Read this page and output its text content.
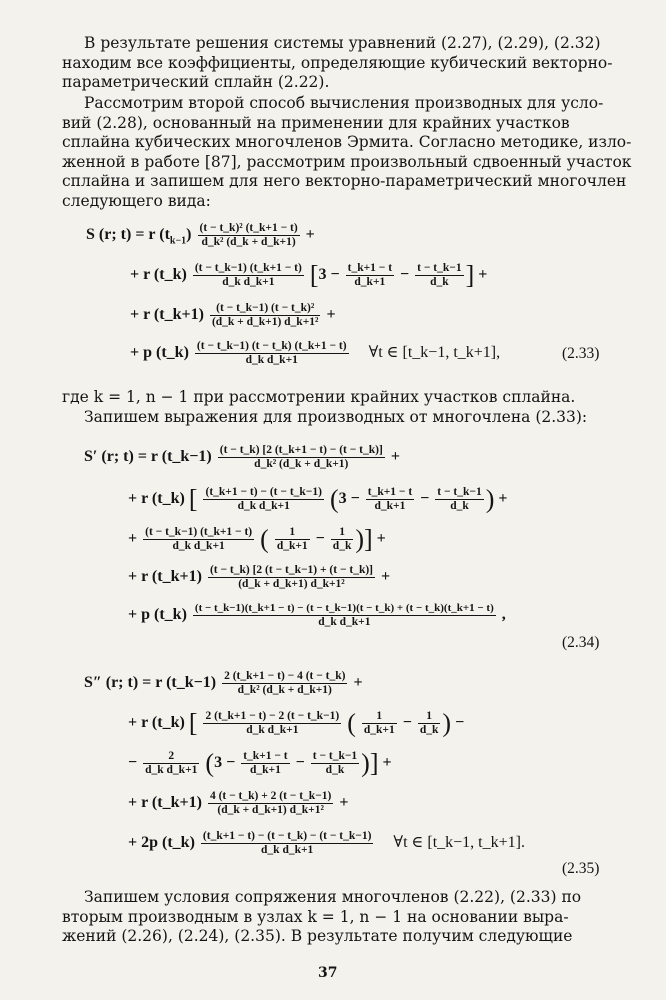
В результате решения системы уравнений (2.27), (2.29), (2.32)
находим все коэффициенты, определяющие кубический векторно-
параметрический сплайн (2.22).
Рассмотрим второй способ вычисления производных для усло-
вий (2.28), основанный на применении для крайних участков
сплайна кубических многочленов Эрмита. Согласно методике, изло-
женной в работе [87], рассмотрим произвольный сдвоенный участок
сплайна и запишем для него векторно-параметрический многочлен
следующего вида:
S (r; t) = r $(t_{k-1}) \frac{\text{(t − t\_k)² (t\_k+1 − t)}}{\text{d\_k² (d\_k + d\_k+1)}}$ +
+ r (t_k) $\frac{(t - t\_k-1) (t\_k+1 - t)}{\text{d\_k d\_k+1}} [3 - \frac{t\_k+1 - t}{d\_k+1} - \frac{t - t\_k-1}{d\_k}$ ] +
+ r (t_k+1) $\frac{\text{(t − t\_k−1) (t − t\_k)²}}{\text{(d\_k + d\_k+1) d\_k+1²}}$ +
+ p (t_k) $\frac{(t - t\_k-1) (t - t\_k) (t\_k+1 - t)}{\text{d\_k d\_k+1}}$ ∀t ∈ [t_k−1, t_k+1],	(2.33)
где k = 1, n − 1 при рассмотрении крайних участков сплайна.
Запишем выражения для производных от многочлена (2.33):
S′ (r; t) = r (t_k−1) $\frac{(t - t\_k) [2 (t\_k+1 - t) - (t - t\_k)]}{\text{d\_k² (d\_k + d\_k+1)}}$ +
+ r (t_k) [ $\frac{(t\_k+1 - t) - (t - t\_k-1)}{\text{d\_k d\_k+1}} (3 - \frac{t\_k+1 - t}{d\_k+1} - \frac{t - t\_k-1}{d\_k}$ ) +
+ $\frac{(t - t\_k-1) (t\_k+1 - t)}{\text{d\_k d\_k+1}}$ ( $\frac{1}{d\_k+1} - \frac{1}{d\_k}$ )] +
+ r (t_k+1) $\frac{(t - t\_k) [2 (t - t\_k-1) + (t - t\_k)]}{\text{(d\_k + d\_k+1) d\_k+1²}}$ +
+ p (t_k) (t − t_k−1)(t_k+1 − t) − (t − t_k−1)(t − t_k) + (t − t_k)(t_k+1 − t)
d_k d_k+1	,
(2.34)
S″ (r; t) = r (t_k−1) $\frac{2 (t\_k+1 - t) - 4 (t - t\_k)}{\text{d\_k² (d\_k + d\_k+1)}}$ +
+ r (t_k) [ $\frac{2 (t\_k+1 - t) - 2 (t - t\_k-1)}{\text{d\_k d\_k+1}}$ ( $\frac{1}{d\_k+1} - \frac{1}{d\_k}$ ) −
− $\frac{2}{\text{d\_k d\_k+1}} (3 - \frac{t\_k+1 - t}{d\_k+1} - \frac{t - t\_k-1}{d\_k}$ )] +
+ r (t_k+1) $\frac{4 (t - t\_k) + 2 (t - t\_k-1)}{\text{(d\_k + d\_k+1) d\_k+1²}}$ +
+ 2p (t_k) $\frac{(t\_k+1 - t) - (t - t\_k) - (t - t\_k-1)}{\text{d\_k d\_k+1}}$ ∀t ∈ [t_k−1, t_k+1].
(2.35)
Запишем условия сопряжения многочленов (2.22), (2.33) по
вторым производным в узлах k = 1, n − 1 на основании выра-
жений (2.26), (2.24), (2.35). В результате получим следующие
37
